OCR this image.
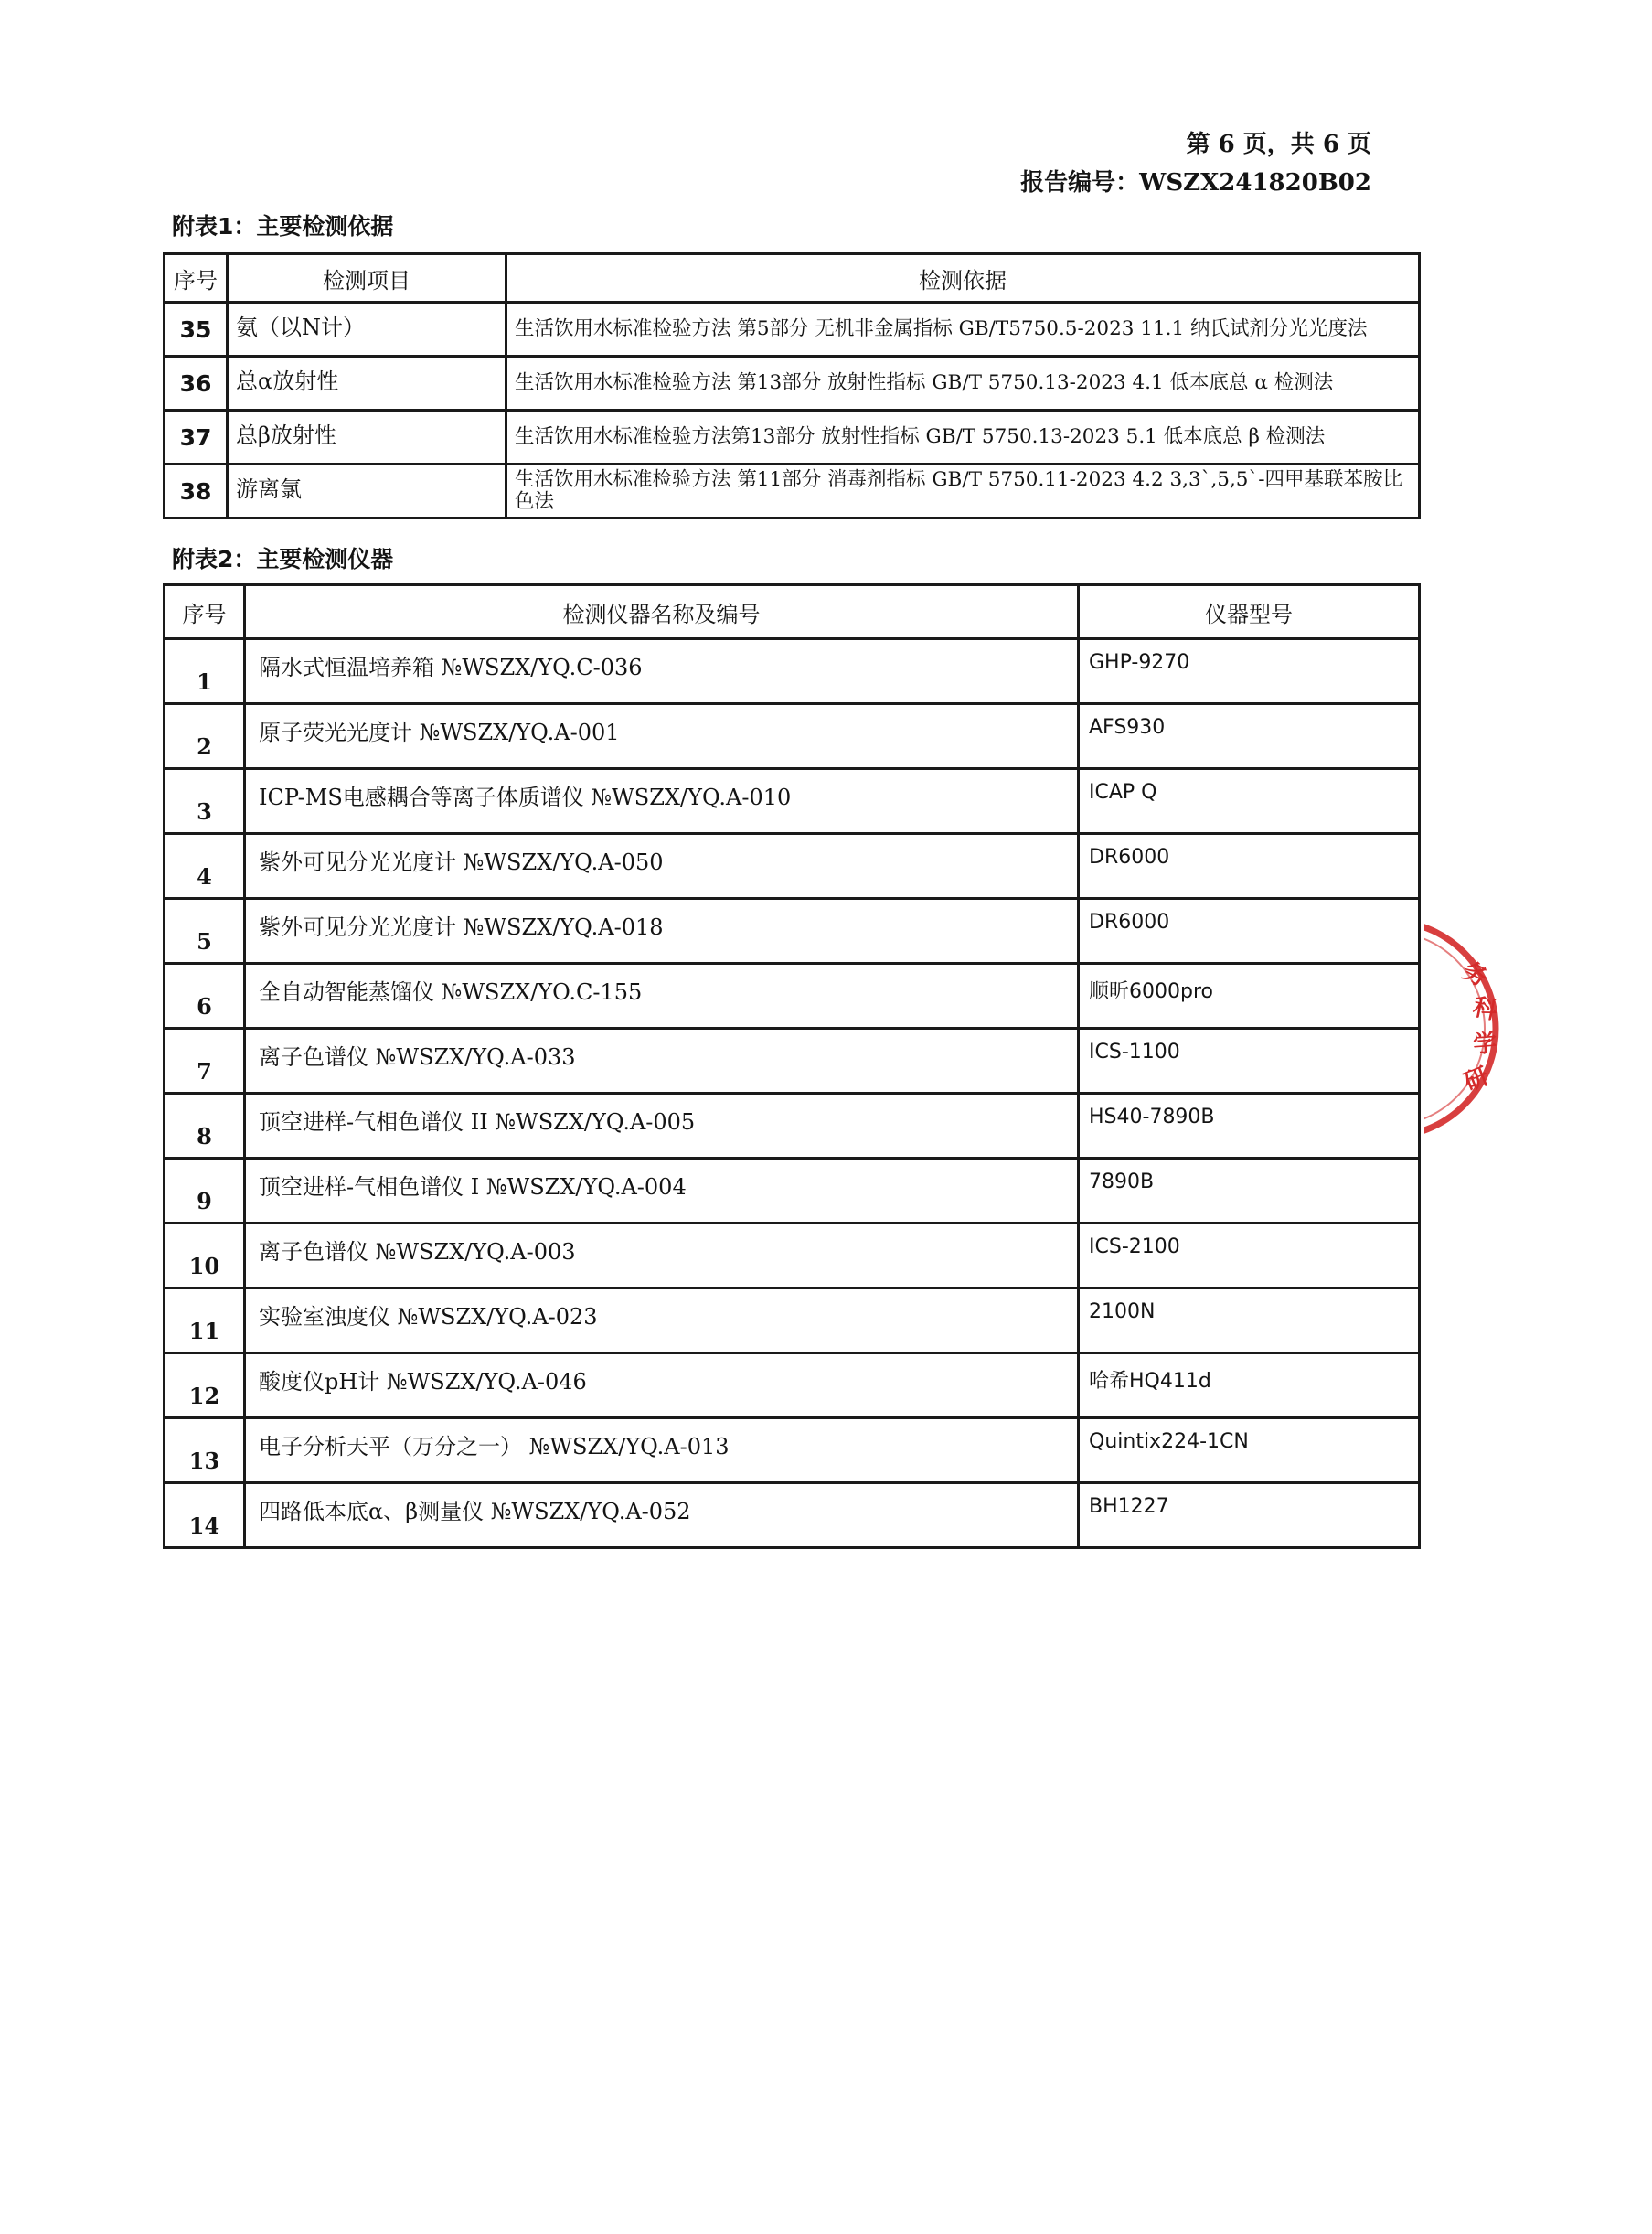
第 6 页，共 6 页
报告编号：WSZX241820B02
附表1：主要检测依据
序号	检测项目	检测依据
35	氨（以N计）	生活饮用水标准检验方法 第5部分 无机非金属指标 GB/T5750.5-2023 11.1 纳氏试剂分光光度法
36	总α放射性	生活饮用水标准检验方法 第13部分 放射性指标 GB/T 5750.13-2023 4.1 低本底总 α 检测法
37	总β放射性	生活饮用水标准检验方法第13部分 放射性指标 GB/T 5750.13-2023 5.1 低本底总 β 检测法
38	游离氯	生活饮用水标准检验方法 第11部分 消毒剂指标 GB/T 5750.11-2023 4.2 3,3`,5,5`-四甲基联苯胺比色法
附表2：主要检测仪器
序号	检测仪器名称及编号	仪器型号
1	隔水式恒温培养箱 №WSZX/YQ.C-036	GHP-9270
2	原子荧光光度计 №WSZX/YQ.A-001	AFS930
3	ICP-MS电感耦合等离子体质谱仪 №WSZX/YQ.A-010	ICAP Q
4	紫外可见分光光度计 №WSZX/YQ.A-050	DR6000
5	紫外可见分光光度计 №WSZX/YQ.A-018	DR6000
6	全自动智能蒸馏仪 №WSZX/YO.C-155	顺昕6000pro
7	离子色谱仪 №WSZX/YQ.A-033	ICS-1100
8	顶空进样-气相色谱仪 II №WSZX/YQ.A-005	HS40-7890B
9	顶空进样-气相色谱仪 I №WSZX/YQ.A-004	7890B
10	离子色谱仪 №WSZX/YQ.A-003	ICS-2100
11	实验室浊度仪 №WSZX/YQ.A-023	2100N
12	酸度仪pH计 №WSZX/YQ.A-046	哈希HQ411d
13	电子分析天平（万分之一） №WSZX/YQ.A-013	Quintix224-1CN
14	四路低本底α、β测量仪 №WSZX/YQ.A-052	BH1227
务
科
学
研
